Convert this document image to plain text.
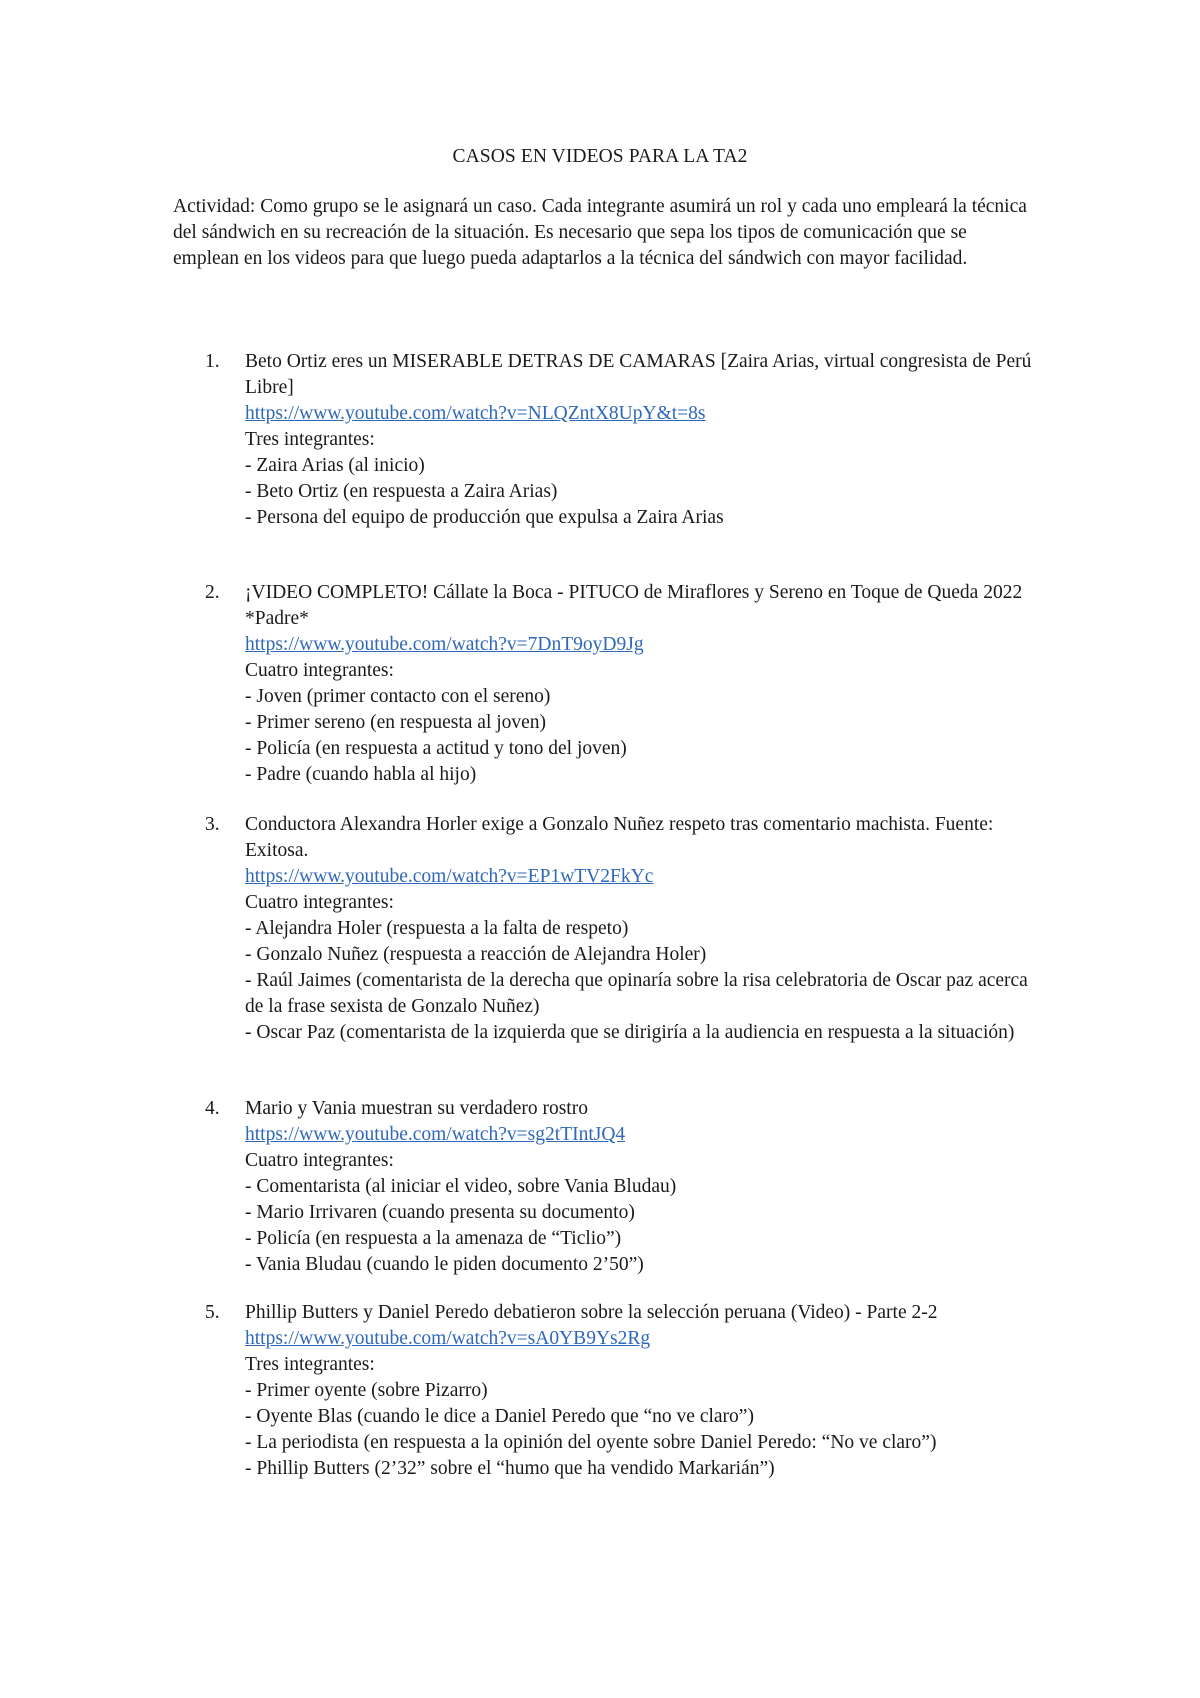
CASOS EN VIDEOS PARA LA TA2

Actividad: Como grupo se le asignará un caso. Cada integrante asumirá un rol y cada uno empleará la técnica del sándwich en su recreación de la situación. Es necesario que sepa los tipos de comunicación que se emplean en los videos para que luego pueda adaptarlos a la técnica del sándwich con mayor facilidad.

1.	Beto Ortiz eres un MISERABLE DETRAS DE CAMARAS [Zaira Arias, virtual congresista de Perú Libre]
https://www.youtube.com/watch?v=NLQZntX8UpY&t=8s
Tres integrantes:
- Zaira Arias (al inicio)
- Beto Ortiz (en respuesta a Zaira Arias)
- Persona del equipo de producción que expulsa a Zaira Arias
2.	¡VIDEO COMPLETO! Cállate la Boca - PITUCO de Miraflores y Sereno en Toque de Queda 2022 *Padre*
https://www.youtube.com/watch?v=7DnT9oyD9Jg
Cuatro integrantes:
- Joven (primer contacto con el sereno)
- Primer sereno (en respuesta al joven)
- Policía (en respuesta a actitud y tono del joven)
- Padre (cuando habla al hijo)
3.	Conductora Alexandra Horler exige a Gonzalo Nuñez respeto tras comentario machista. Fuente: Exitosa.
https://www.youtube.com/watch?v=EP1wTV2FkYc
Cuatro integrantes:
- Alejandra Holer (respuesta a la falta de respeto)
- Gonzalo Nuñez (respuesta a reacción de Alejandra Holer)
- Raúl Jaimes (comentarista de la derecha que opinaría sobre la risa celebratoria de Oscar paz acerca de la frase sexista de Gonzalo Nuñez)
- Oscar Paz (comentarista de la izquierda que se dirigiría a la audiencia en respuesta a la situación)
4.	Mario y Vania muestran su verdadero rostro
https://www.youtube.com/watch?v=sg2tTIntJQ4
Cuatro integrantes:
- Comentarista (al iniciar el video, sobre Vania Bludau)
- Mario Irrivaren (cuando presenta su documento)
- Policía (en respuesta a la amenaza de “Ticlio”)
- Vania Bludau (cuando le piden documento 2’50”)
5.	Phillip Butters y Daniel Peredo debatieron sobre la selección peruana (Video) - Parte 2-2
https://www.youtube.com/watch?v=sA0YB9Ys2Rg
Tres integrantes:
- Primer oyente (sobre Pizarro)
- Oyente Blas (cuando le dice a Daniel Peredo que “no ve claro”)
- La periodista (en respuesta a la opinión del oyente sobre Daniel Peredo: “No ve claro”)
- Phillip Butters (2’32” sobre el “humo que ha vendido Markarián”)
